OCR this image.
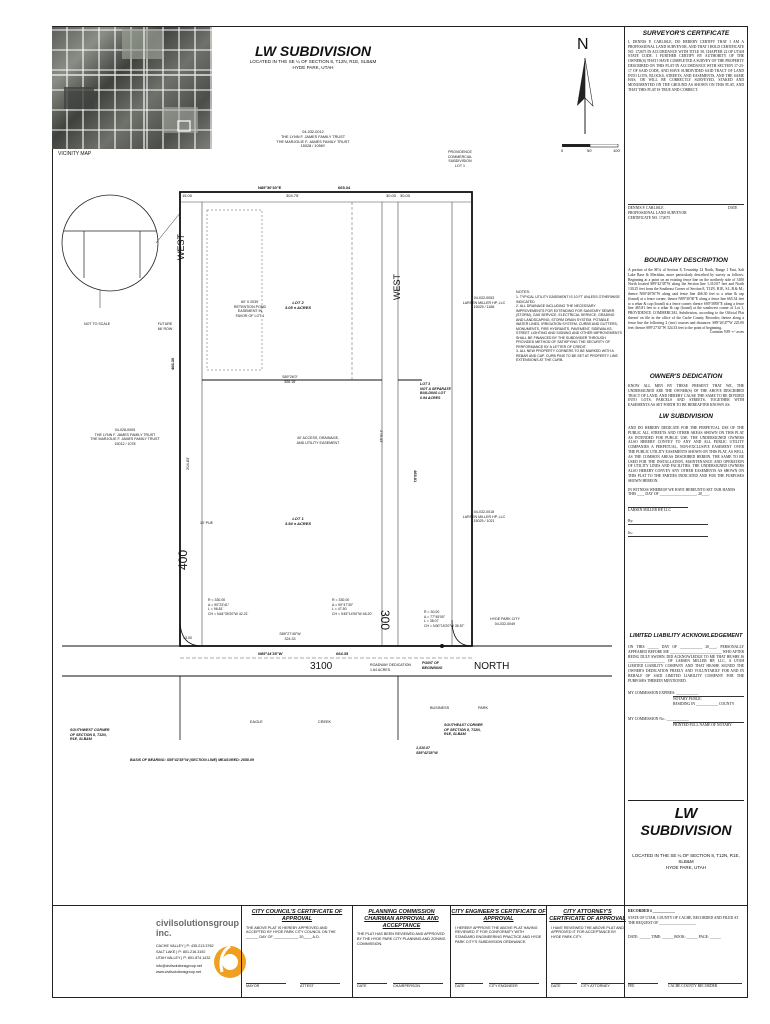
LW SUBDIVISION
LOCATED IN THE SE ¼ OF SECTION 8, T12N, R1E, SLB&M
HYDE PARK, UTAH
N
0	50'	100'
VICINITY MAP
04-032-0012
THE LYNN F. JAMES FAMILY TRUST
THE MARJOLIE F. JAMES FAMILY TRUST
15028 / 1056Y
PROVIDENCE
COMMERCIAL
SUBDIVISION
LOT 1
N89°30'30"E	665.34
15.00	304.75'	30.00 30.00
LOT 2
3.05 ± ACRES
60' X 2030'
RETENTION POND
EASEMENT IN
FAVOR OF LOT 1
LOT 3
NOT A SEPARATE
BUILDING LOT
0.94 ACRES
LOT 1
3.94 ± ACRES
40' ACCESS, DRAINAGE,
AND UTILITY EASEMENT
S89°26'0"
308.16'
04-028-0005
THE LYNN F. JAMES FAMILY TRUST
THE MARJOLIE F. JAMES FAMILY TRUST
15012 / 1078
FUTURE
66' ROW
NOT TO SCALE
10' PUE
04-032-0053
LARSEN MILLER HP, LLC
15025 / 1186
04-032-0018
LARSEN MILLER HP, LLC
15025 / 1021
HYDE PARK CITY
04-032-0049
NOTES:
1. TYPICAL UTILITY EASEMENT IS 10 FT UNLESS OTHERWISE INDICATED
2. ALL DRAINAGE INCLUDING THE NECESSARY IMPROVEMENTS FOR EXTENDING FOR SANITARY SEWER (STORM), GAS SERVICE, ELECTRICAL SERVICE, GRADING AND LANDSCAPING, STORM DRAIN SYSTEM, POTABLE WATER LINES, IRRIGATION SYSTEM, CURBS AND GUTTERS, MONUMENTS, FIRE HYDRANTS, PAVEMENT, SIDEWALKS, STREET LIGHTING AND SIGNING AND OTHER IMPROVEMENTS SHALL BE FINANCED BY THE SUBDIVIDER THROUGH PROVIDED METHOD OF SATISFYING THE SECURITY OF PERFORMANCE BY A LETTER OF CREDIT.
3. ALL NEW PROPERTY CORNERS TO BE MARKED WITH A REBAR AND CAP. CURB PINS TO BE SET AT PROPERTY LINE EXTENSIONS AT THE CURB.
R = 330.00
Δ = 90°23'41"
L = 96.81'
CH = N44°39'20"W 42.21'
R = 330.00
Δ = 90°47'30"
L = 47.50
CH = S45°14'00"W 46.20'	R = 30.00
Δ = 77°45'00"
L = 38.07
CH = N30°15'20"W 35.57'
S89°27'45"W
324.33
N89°14'35"W	664.35
ROADWAY DEDICATION
1.64 ACRES
3100	NORTH
POINT OF
BEGINNING
WEST
WEST
400
300
466.30
465.81
204.83'
278.43'
13.00
EAGLE	CREEK
BUSINESS	PARK
SOUTHWEST CORNER
OF SECTION 8, T12N,
R1E, SLB&M
SOUTHEAST CORNER
OF SECTION 8, T12N,
R1E, SLB&M
BASIS OF BEARING: S89°42'38"W (SECTION LINE) MEASURED: 2658.09
1,310.07
S89°42'38"W
SURVEYOR'S CERTIFICATE
I, DENNIS P. CARLISLE, DO HEREBY CERTIFY THAT I AM A PROFESSIONAL LAND SURVEYOR, AND THAT I HOLD CERTIFICATE NO. 172675 IN ACCORDANCE WITH TITLE 58, CHAPTER 22 OF UTAH STATE CODE. I FURTHER CERTIFY BY AUTHORITY OF THE OWNER(S) THAT I HAVE COMPLETED A SURVEY OF THE PROPERTY DESCRIBED ON THIS PLAT IN ACCORDANCE WITH SECTION 17-23-17 OF SAID CODE, AND HAVE SUBDIVIDED SAID TRACT OF LAND INTO LOTS, BLOCKS, STREETS, AND EASEMENTS, AND THE SAME HAS, OR WILL BE CORRECTLY SURVEYED, STAKED AND MONUMENTED ON THE GROUND AS SHOWN ON THIS PLAT, AND THAT THIS PLAT IS TRUE AND CORRECT.
DENNIS P. CARLISLE
PROFESSIONAL LAND SURVEYOR
CERTIFICATE NO. 172675
DATE
BOUNDARY DESCRIPTION
A portion of the SE¼ of Section 8, Township 12 North, Range 1 East, Salt Lake Base & Meridian, more particularly described by survey as follows: Beginning at a point on an existing fence line on the northerly side of 3100 North located S89°42'38"W along the Section line 1,310.07 feet and North 130.25 feet from the Southeast Corner of Section 8, T12N, R1E, S.L.B.& M.; thence N00°40'56"W along said fence line 466.30 feet to a rebar & cap (found) at a fence corner; thence N89°30'30"E along a fence line 665.34 feet to a rebar & cap (found) at a fence corner; thence S00°38'00"E along a fence line 465.81 feet to a rebar & cap (found) at the southwest corner of Lot 1, PROVIDENCE COMMERCIAL Subdivision, according to the Official Plat thereof on file in the office of the Cache County Recorder; thence along a fence line the following 2 (two) courses and distances: S89°26'47"W 225.00 feet; thence S89°27'45"W 324.33 feet to the point of beginning.
Contains 9.89 +/- acres
OWNER'S DEDICATION
KNOW ALL MEN BY THESE PRESENT THAT WE, THE UNDERSIGNED ARE THE OWNER(S) OF THE ABOVE DESCRIBED TRACT OF LAND, AND HEREBY CAUSE THE SAME TO BE DIVIDED INTO LOTS, PARCELS AND STREETS, TOGETHER WITH EASEMENTS AS SET FORTH TO BE HEREAFTER KNOWN AS:
LW SUBDIVISION
AND DO HEREBY DEDICATE FOR THE PERPETUAL USE OF THE PUBLIC ALL STREETS AND OTHER AREAS SHOWN ON THIS PLAT AS INTENDED FOR PUBLIC USE. THE UNDERSIGNED OWNERS ALSO HEREBY CONVEY TO ANY AND ALL PUBLIC UTILITY COMPANIES A PERPETUAL, NON-EXCLUSIVE EASEMENT OVER THE PUBLIC UTILITY EASEMENTS SHOWN ON THIS PLAT, AS WELL AS THE COMMON AREAS DESCRIBED HEREIN. THE SAME TO BE USED FOR THE INSTALLATION, MAINTENANCE AND OPERATION OF UTILITY LINES AND FACILITIES. THE UNDERSIGNED OWNERS ALSO HEREBY CONVEY ANY OTHER EASEMENTS AS SHOWN ON THIS PLAT TO THE PARTIES INDICATED AND FOR THE PURPOSES SHOWN HEREON.
IN WITNESS WHEREOF WE HAVE HEREUNTO SET OUR HANDS THIS ____ DAY OF ____________________, 20____.
LARSEN MILLER HP, LLC
By:
Its:
LIMITED LIABILITY ACKNOWLEDGEMENT
ON THIS ______ DAY OF ____________ 20____, PERSONALLY APPEARED BEFORE ME ____________________________ WHO AFTER BEING DULY SWORN, DID ACKNOWLEDGE TO ME THAT HE/SHE IS ____________________ OF LARSEN MILLER HP, LLC, A UTAH LIMITED LIABILITY COMPANY AND THAT HE/SHE SIGNED THE OWNER'S DEDICATION FREELY AND VOLUNTARILY FOR AND IN BEHALF OF SAID LIMITED LIABILITY COMPANY FOR THE PURPOSES THEREIN MENTIONED.
MY COMMISSION EXPIRES: ____________
NOTARY PUBLIC
RESIDING IN ____________ COUNTY
MY COMMISSION No.: ____________
PRINTED FULL NAME OF NOTARY
LW
SUBDIVISION
LOCATED IN THE SE ¼ OF SECTION 8, T12N, R1E, SLB&M
HYDE PARK, UTAH
civilsolutionsgroup inc.
CACHE VALLEY | P: 435.213.3762
SALT LAKE | P: 801.216.3192
UTAH VALLEY | P: 801.874.1432
info@civilsolutionsgroup.net
www.civilsolutionsgroup.net
CITY COUNCIL'S CERTIFICATE OF APPROVAL
THE ABOVE PLAT IS HEREBY APPROVED AND ACCEPTED BY HYDE PARK CITY COUNCIL ON THE ______ DAY OF ____________ 20____ A.D.
MAYOR	ATTEST
PLANNING COMMISSION CHAIRMAN APPROVAL AND ACCEPTANCE
THE PLAT HAS BEEN REVIEWED AND APPROVED BY THE HYDE PARK CITY PLANNING AND ZONING COMMISSION.
DATE	CHAIRPERSON
CITY ENGINEER'S CERTIFICATE OF APPROVAL
I HEREBY APPROVE THE ABOVE PLAT HAVING REVIEWED IT FOR CONFORMITY WITH STANDARD ENGINEERING PRACTICE AND HYDE PARK CITY'S SUBDIVISION ORDINANCE.
DATE	CITY ENGINEER
CITY ATTORNEY'S CERTIFICATE OF APPROVAL
I HAVE REVIEWED THE ABOVE PLAT AND APPROVED IT FOR ACCEPTANCE BY HYDE PARK CITY.
DATE	CITY ATTORNEY
RECORDED # ____________
STATE OF UTAH, COUNTY OF CACHE, RECORDED AND FILED AT THE REQUEST OF ____________________
DATE: ______ TIME: ______ BOOK: ______ PAGE: ______
FEE	CACHE COUNTY RECORDER
